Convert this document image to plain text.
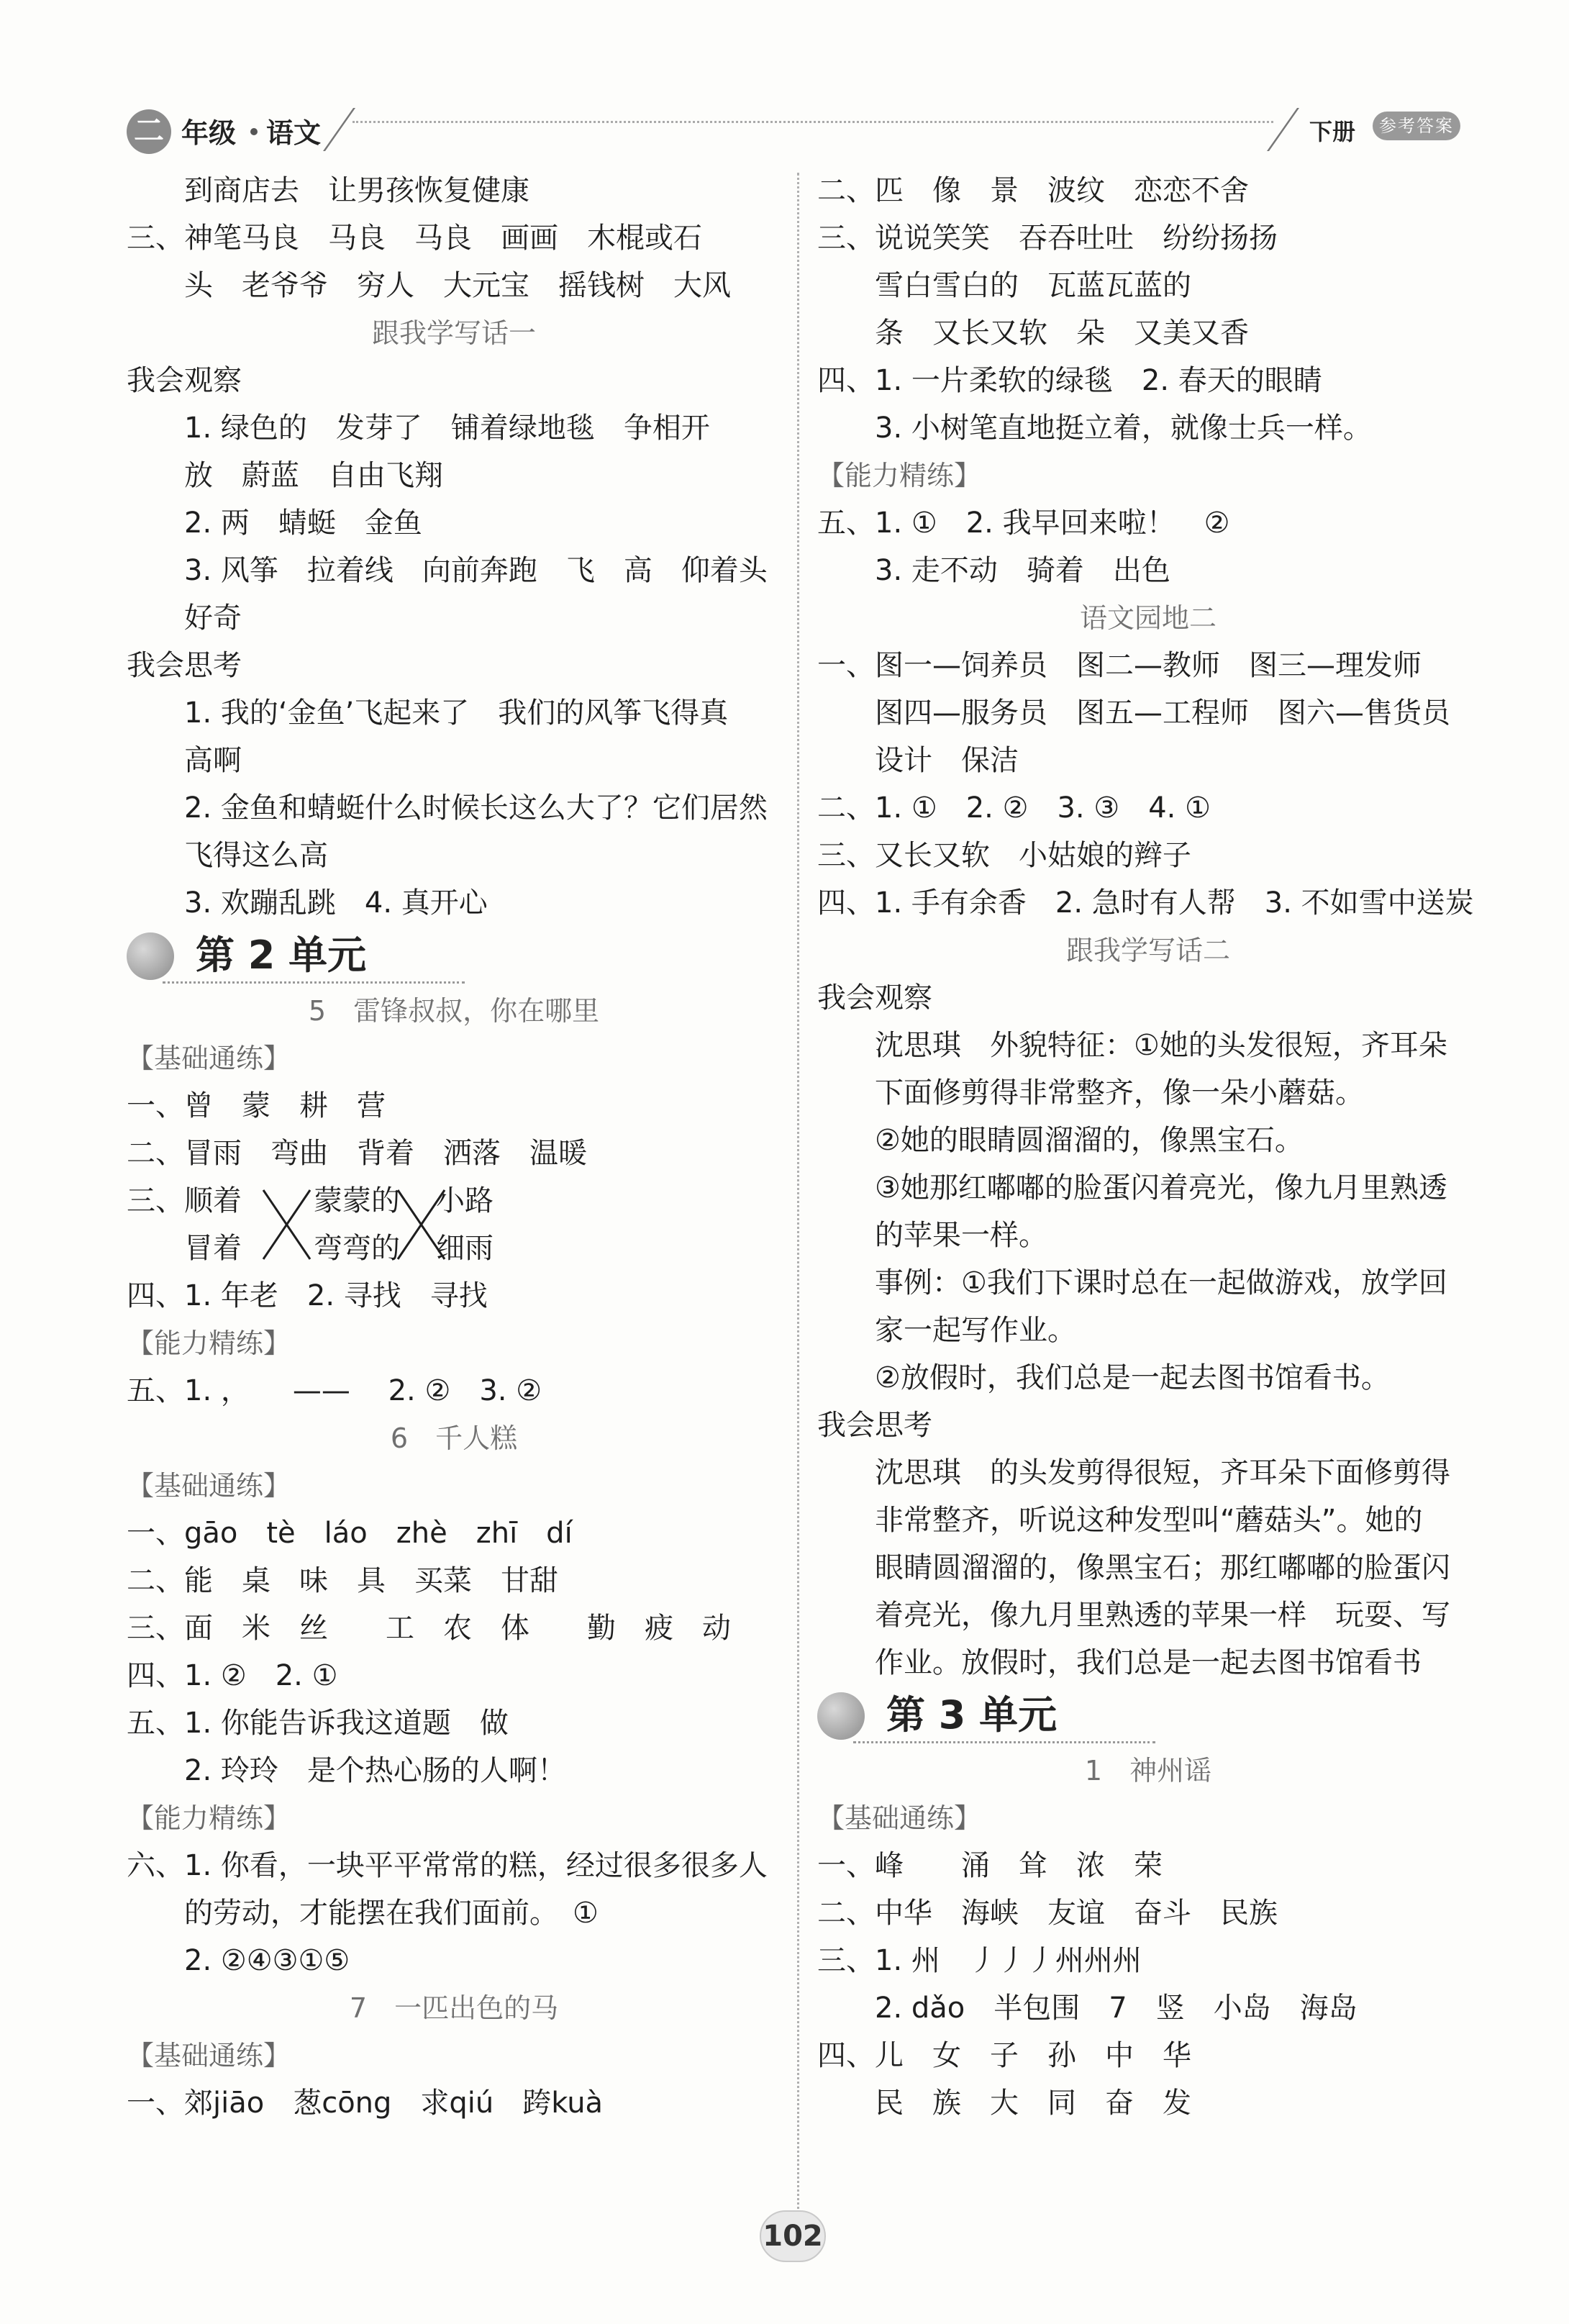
二 年级 语文	下册	参考答案
到商店去　让男孩恢复健康
三、神笔马良　马良　马良　画画　木棍或石
头　老爷爷　穷人　大元宝　摇钱树　大风
跟我学写话一
我会观察
1. 绿色的　发芽了　铺着绿地毯　争相开
放　蔚蓝　自由飞翔
2. 两　蜻蜓　金鱼
3. 风筝　拉着线　向前奔跑　飞　高　仰着头
好奇
我会思考
1. 我的‘金鱼’飞起来了　我们的风筝飞得真
高啊
2. 金鱼和蜻蜓什么时候长这么大了？它们居然
飞得这么高
3. 欢蹦乱跳　4. 真开心
第 2 单元
5　雷锋叔叔，你在哪里
【基础通练】
一、曾　蒙　耕　营
二、冒雨　弯曲　背着　洒落　温暖
三、顺着	蒙蒙的 小路
冒着	弯弯的 细雨
四、1. 年老　2. 寻找　寻找
【能力精练】
五、1. ，　　——　 2. ②　3. ②
6　千人糕
【基础通练】
一、gāo　tè　láo　zhè　zhī　dí
二、能　桌　味　具　买菜　甘甜
三、面　米　丝　　工　农　体　　勤　疲　动
四、1. ②　2. ①
五、1. 你能告诉我这道题　做
2. 玲玲　是个热心肠的人啊！
【能力精练】
六、1. 你看，一块平平常常的糕，经过很多很多人
的劳动，才能摆在我们面前。　①
2. ②④③①⑤
7　一匹出色的马
【基础通练】
一、郊jiāo　葱cōng　求qiú　跨kuà
二、匹　像　景　波纹　恋恋不舍
三、说说笑笑　吞吞吐吐　纷纷扬扬
雪白雪白的　瓦蓝瓦蓝的
条　又长又软　朵　又美又香
四、1. 一片柔软的绿毯　2. 春天的眼睛
3. 小树笔直地挺立着，就像士兵一样。
【能力精练】
五、1. ①　2. 我早回来啦！　②
3. 走不动　骑着　出色
语文园地二
一、图一—饲养员　图二—教师　图三—理发师
图四—服务员　图五—工程师　图六—售货员
设计　保洁
二、1. ①　2. ②　3. ③　4. ①
三、又长又软　小姑娘的辫子
四、1. 手有余香　2. 急时有人帮　3. 不如雪中送炭
跟我学写话二
我会观察
沈思琪　外貌特征：①她的头发很短，齐耳朵
下面修剪得非常整齐，像一朵小蘑菇。
②她的眼睛圆溜溜的，像黑宝石。
③她那红嘟嘟的脸蛋闪着亮光，像九月里熟透
的苹果一样。
事例：①我们下课时总在一起做游戏，放学回
家一起写作业。
②放假时，我们总是一起去图书馆看书。
我会思考
沈思琪　的头发剪得很短，齐耳朵下面修剪得
非常整齐，听说这种发型叫“蘑菇头”。她的
眼睛圆溜溜的，像黑宝石；那红嘟嘟的脸蛋闪
着亮光，像九月里熟透的苹果一样　玩耍、写
作业。放假时，我们总是一起去图书馆看书
第 3 单元
1　神州谣
【基础通练】
一、峰　　涌　耸　浓　荣
二、中华　海峡　友谊　奋斗　民族
三、1. 州　丿丿丿州州州
2. dǎo　半包围　7　竖　小岛　海岛
四、儿　女　子　孙　中　华
民　族　大　同　奋　发
102
